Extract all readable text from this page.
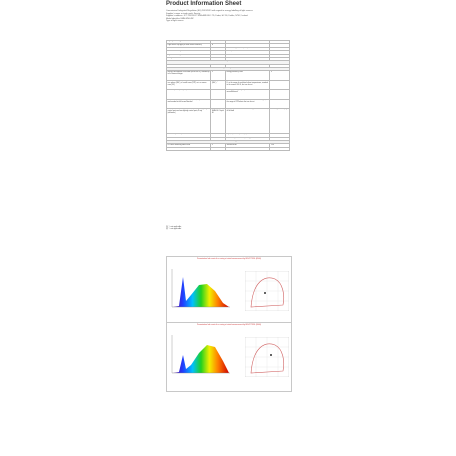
Product Information Sheet
Commission Delegated Regulation (EU) 2019/2015 with regard to energy labelling of light sources
Supplier's name or trade mark: Fencity
Supplier's address: JCT PRODUCT IRELAND EU LTD, Dubai, HC 36, Dublin, 5ZSC, Ireland
Model identifier: EMH-M50-4W
Type of light source:
Lighting technology used:	LED	Non-directional or directional:	NDLS
Light source cap-type (or other electric interface)	E		
Mains or non-mains:	MLS	Connected light source (CLS):	No
Colour-tuneable light source:	No	Envelope:	-
High luminance light source:	No		
Anti-glare shield:	No	Dimmable:	No
Product parameters			
Parameter	Value	Parameter	Value
General product parameters			
Energy consumption in on-mode (kWh/1000 h), rounded up to the nearest integer	4	Energy efficiency class	F
Useful luminous flux (Φuse), indicating if it refers to the flux in a sphere (360°), in a wide cone (120°) or in a narrow cone (90°)	470 in sphere (360°)	Correlated colour temperature, rounded to the nearest 100 K, or the range of correlated colour temperatures, rounded to the nearest 100 K, that can be set	3000...6500
On-mode power (Pon), expressed in W	3.5	Standby power (Psb), expressed in W and rounded to the second decimal	0.00
Networked standby power (Pnet) for CLS, expressed in W and rounded to the second decimal	-	Colour rendering index, rounded to the nearest integer, or the range of CRI-values that can be set	80
Outer dimensions without separate control gear, lighting control parts and non-lighting control parts, if any (millimetre)	Height 108 / Width 60 / Depth 60	Spectral power distribution in the range 250 nm to 800 nm, at full-load	See image on last page
Claim of equivalent power	-	If yes, equivalent power (W)	-
		Chromaticity coordinates (x and y)	0.313 / 0.337
Parameters for LED and OLED light sources:			
R9 colour rendering index value	0	Survival factor	1.00
The lumen maintenance factor	0.96		
(1) '-': not applicable;
(2) '-': not applicable.
Presentation lab count of ca curing at rated measurement by IES-P/7356: (6500)
Presentation lab count of ca curing at rated measurement by IES-P/7356: (3000)
